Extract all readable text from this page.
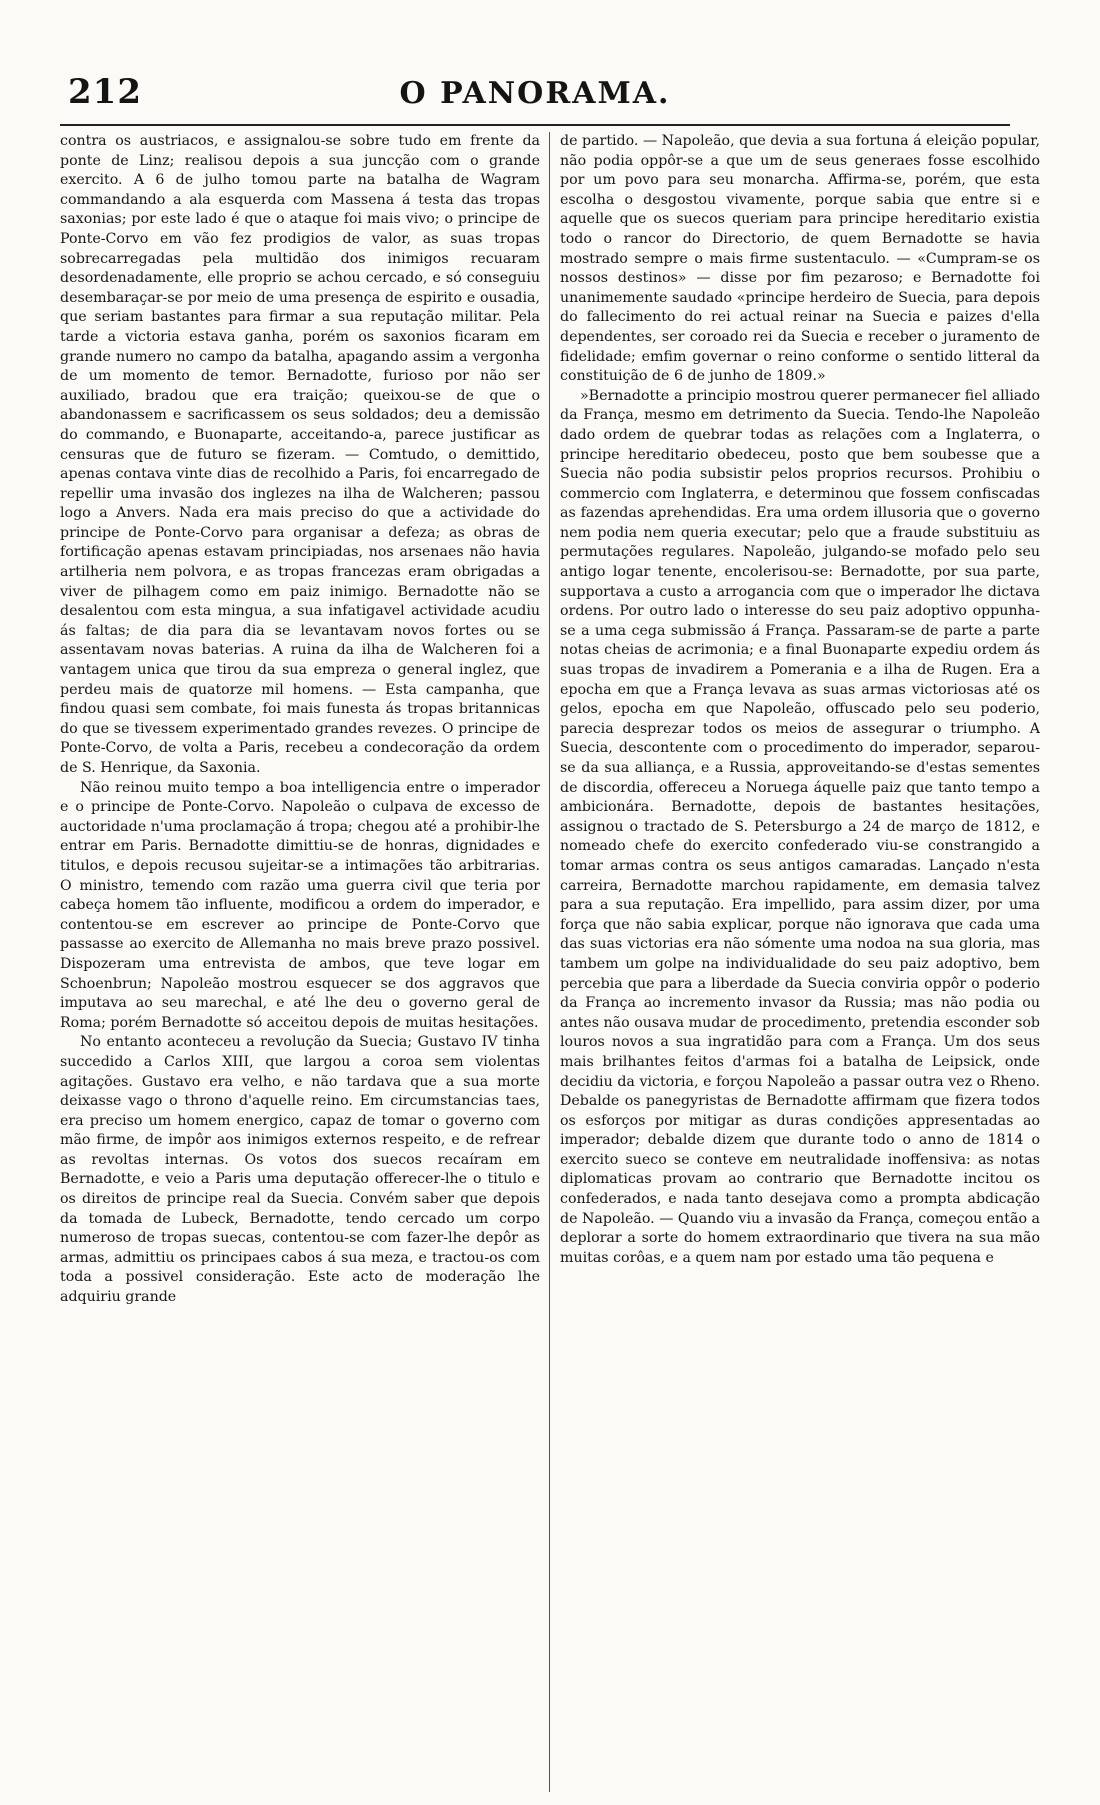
212	O PANORAMA.

contra os austriacos, e assignalou-se sobre tudo em frente da ponte de Linz; realisou depois a sua juncção com o grande exercito. A 6 de julho tomou parte na batalha de Wagram commandando a ala esquerda com Massena á testa das tropas saxonias; por este lado é que o ataque foi mais vivo; o principe de Ponte-Corvo em vão fez prodigios de valor, as suas tropas sobrecarregadas pela multidão dos inimigos recuaram desordenadamente, elle proprio se achou cercado, e só conseguiu desembaraçar-se por meio de uma presença de espirito e ousadia, que seriam bastantes para firmar a sua reputação militar. Pela tarde a victoria estava ganha, porém os saxonios ficaram em grande numero no campo da batalha, apagando assim a vergonha de um momento de temor. Bernadotte, furioso por não ser auxiliado, bradou que era traição; queixou-se de que o abandonassem e sacrificassem os seus soldados; deu a demissão do commando, e Buonaparte, acceitando-a, parece justificar as censuras que de futuro se fizeram. — Comtudo, o demittido, apenas contava vinte dias de recolhido a Paris, foi encarregado de repellir uma invasão dos inglezes na ilha de Walcheren; passou logo a Anvers. Nada era mais preciso do que a actividade do principe de Ponte-Corvo para organisar a defeza; as obras de fortificação apenas estavam principiadas, nos arsenaes não havia artilheria nem polvora, e as tropas francezas eram obrigadas a viver de pilhagem como em paiz inimigo. Bernadotte não se desalentou com esta mingua, a sua infatigavel actividade acudiu ás faltas; de dia para dia se levantavam novos fortes ou se assentavam novas baterias. A ruina da ilha de Walcheren foi a vantagem unica que tirou da sua empreza o general inglez, que perdeu mais de quatorze mil homens. — Esta campanha, que findou quasi sem combate, foi mais funesta ás tropas britannicas do que se tivessem experimentado grandes revezes. O principe de Ponte-Corvo, de volta a Paris, recebeu a condecoração da ordem de S. Henrique, da Saxonia.

Não reinou muito tempo a boa intelligencia entre o imperador e o principe de Ponte-Corvo. Napoleão o culpava de excesso de auctoridade n'uma proclamação á tropa; chegou até a prohibir-lhe entrar em Paris. Bernadotte dimittiu-se de honras, dignidades e titulos, e depois recusou sujeitar-se a intimações tão arbitrarias. O ministro, temendo com razão uma guerra civil que teria por cabeça homem tão influente, modificou a ordem do imperador, e contentou-se em escrever ao principe de Ponte-Corvo que passasse ao exercito de Allemanha no mais breve prazo possivel. Dispozeram uma entrevista de ambos, que teve logar em Schoenbrun; Napoleão mostrou esquecer se dos aggravos que imputava ao seu marechal, e até lhe deu o governo geral de Roma; porém Bernadotte só acceitou depois de muitas hesitações.

No entanto aconteceu a revolução da Suecia; Gustavo IV tinha succedido a Carlos XIII, que largou a coroa sem violentas agitações. Gustavo era velho, e não tardava que a sua morte deixasse vago o throno d'aquelle reino. Em circumstancias taes, era preciso um homem energico, capaz de tomar o governo com mão firme, de impôr aos inimigos externos respeito, e de refrear as revoltas internas. Os votos dos suecos recaíram em Bernadotte, e veio a Paris uma deputação offerecer-lhe o titulo e os direitos de principe real da Suecia. Convém saber que depois da tomada de Lubeck, Bernadotte, tendo cercado um corpo numeroso de tropas suecas, contentou-se com fazer-lhe depôr as armas, admittiu os principaes cabos á sua meza, e tractou-os com toda a possivel consideração. Este acto de moderação lhe adquiriu grande

de partido. — Napoleão, que devia a sua fortuna á eleição popular, não podia oppôr-se a que um de seus generaes fosse escolhido por um povo para seu monarcha. Affirma-se, porém, que esta escolha o desgostou vivamente, porque sabia que entre si e aquelle que os suecos queriam para principe hereditario existia todo o rancor do Directorio, de quem Bernadotte se havia mostrado sempre o mais firme sustentaculo. — «Cumpram-se os nossos destinos» — disse por fim pezaroso; e Bernadotte foi unanimemente saudado «principe herdeiro de Suecia, para depois do fallecimento do rei actual reinar na Suecia e paizes d'ella dependentes, ser coroado rei da Suecia e receber o juramento de fidelidade; emfim governar o reino conforme o sentido litteral da constituição de 6 de junho de 1809.»

»Bernadotte a principio mostrou querer permanecer fiel alliado da França, mesmo em detrimento da Suecia. Tendo-lhe Napoleão dado ordem de quebrar todas as relações com a Inglaterra, o principe hereditario obedeceu, posto que bem soubesse que a Suecia não podia subsistir pelos proprios recursos. Prohibiu o commercio com Inglaterra, e determinou que fossem confiscadas as fazendas aprehendidas. Era uma ordem illusoria que o governo nem podia nem queria executar; pelo que a fraude substituiu as permutações regulares. Napoleão, julgando-se mofado pelo seu antigo logar tenente, encolerisou-se: Bernadotte, por sua parte, supportava a custo a arrogancia com que o imperador lhe dictava ordens. Por outro lado o interesse do seu paiz adoptivo oppunha-se a uma cega submissão á França. Passaram-se de parte a parte notas cheias de acrimonia; e a final Buonaparte expediu ordem ás suas tropas de invadirem a Pomerania e a ilha de Rugen. Era a epocha em que a França levava as suas armas victoriosas até os gelos, epocha em que Napoleão, offuscado pelo seu poderio, parecia desprezar todos os meios de assegurar o triumpho. A Suecia, descontente com o procedimento do imperador, separou-se da sua alliança, e a Russia, approveitando-se d'estas sementes de discordia, offereceu a Noruega áquelle paiz que tanto tempo a ambicionára. Bernadotte, depois de bastantes hesitações, assignou o tractado de S. Petersburgo a 24 de março de 1812, e nomeado chefe do exercito confederado viu-se constrangido a tomar armas contra os seus antigos camaradas. Lançado n'esta carreira, Bernadotte marchou rapidamente, em demasia talvez para a sua reputação. Era impellido, para assim dizer, por uma força que não sabia explicar, porque não ignorava que cada uma das suas victorias era não sómente uma nodoa na sua gloria, mas tambem um golpe na individualidade do seu paiz adoptivo, bem percebia que para a liberdade da Suecia conviria oppôr o poderio da França ao incremento invasor da Russia; mas não podia ou antes não ousava mudar de procedimento, pretendia esconder sob louros novos a sua ingratidão para com a França. Um dos seus mais brilhantes feitos d'armas foi a batalha de Leipsick, onde decidiu da victoria, e forçou Napoleão a passar outra vez o Rheno. Debalde os panegyristas de Bernadotte affirmam que fizera todos os esforços por mitigar as duras condições appresentadas ao imperador; debalde dizem que durante todo o anno de 1814 o exercito sueco se conteve em neutralidade inoffensiva: as notas diplomaticas provam ao contrario que Bernadotte incitou os confederados, e nada tanto desejava como a prompta abdicação de Napoleão. — Quando viu a invasão da França, começou então a deplorar a sorte do homem extraordinario que tivera na sua mão muitas corôas, e a quem nam por estado uma tão pequena e
